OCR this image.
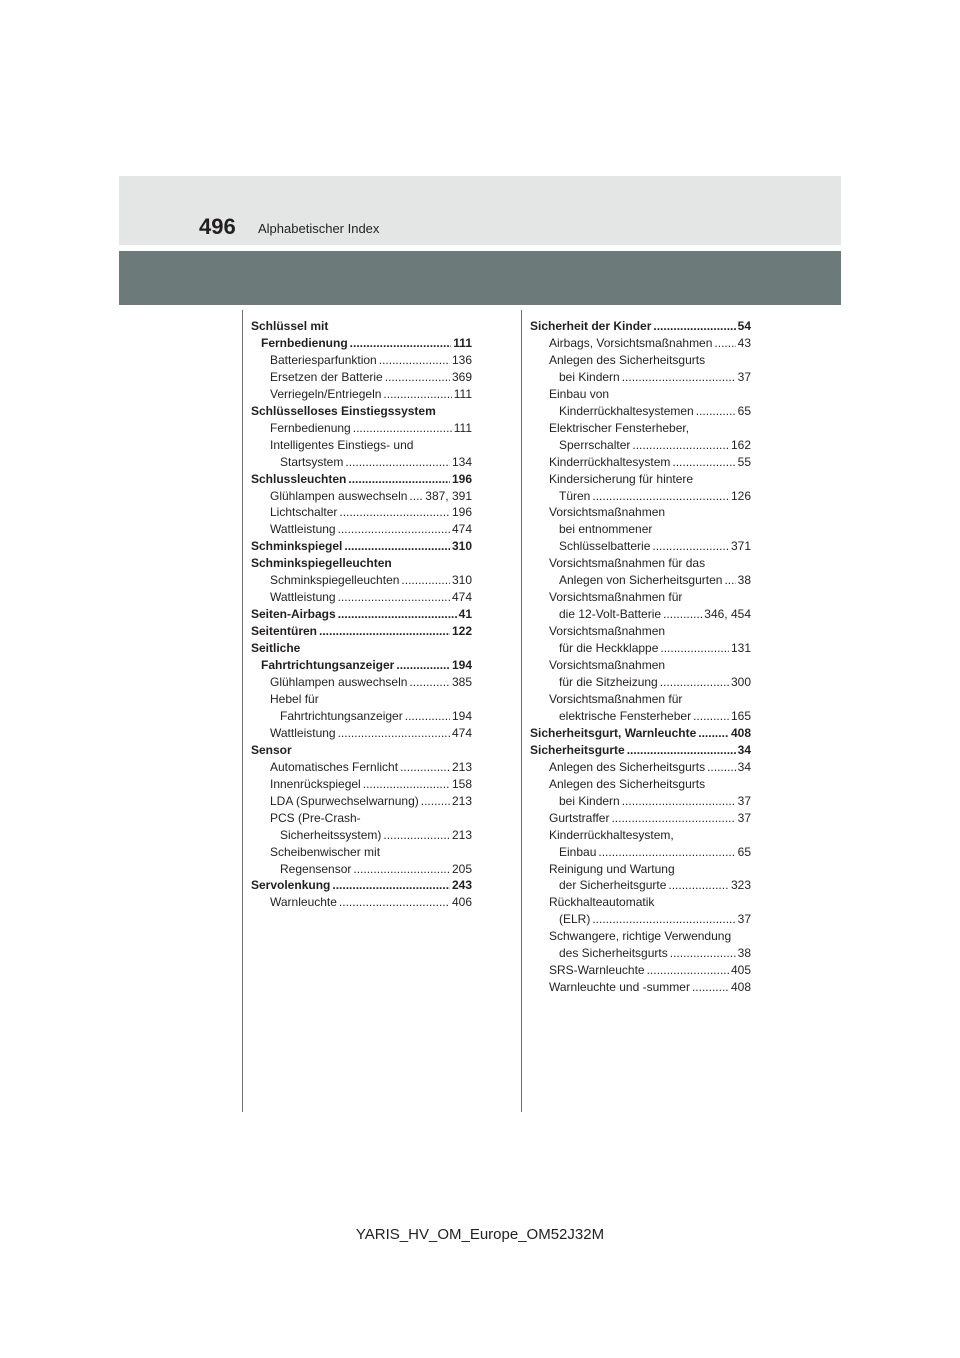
496 Alphabetischer Index
Schlüssel mit
Fernbedienung .....	111
Batteriesparfunktion .....	136
Ersetzen der Batterie .....	369
Verriegeln/Entriegeln .....	111
Schlüsselloses Einstiegssystem
Fernbedienung .....	111
Intelligentes Einstiegs- und
Startsystem .....	134
Schlussleuchten .....	196
Glühlampen auswechseln ..... 387, 391
Lichtschalter .....	196
Wattleistung .....	474
Schminkspiegel .....	310
Schminkspiegelleuchten
Schminkspiegelleuchten .....	310
Wattleistung .....	474
Seiten-Airbags .....	41
Seitentüren .....	122
Seitliche
Fahrtrichtungsanzeiger .....	194
Glühlampen auswechseln .....	385
Hebel für
Fahrtrichtungsanzeiger .....	194
Wattleistung .....	474
Sensor
Automatisches Fernlicht .....	213
Innenrückspiegel .....	158
LDA (Spurwechselwarnung) .....	213
PCS (Pre-Crash-
Sicherheitssystem) .....	213
Scheibenwischer mit
Regensensor .....	205
Servolenkung .....	243
Warnleuchte .....	406
Sicherheit der Kinder .....	54
Airbags, Vorsichtsmaßnahmen ..... 43
Anlegen des Sicherheitsgurts
bei Kindern .....	37
Einbau von
Kinderrückhaltesystemen .....	65
Elektrischer Fensterheber,
Sperrschalter .....	162
Kinderrückhaltesystem .....	55
Kindersicherung für hintere
Türen .....	126
Vorsichtsmaßnahmen
bei entnommener
Schlüsselbatterie .....	371
Vorsichtsmaßnahmen für das
Anlegen von Sicherheitsgurten ..... 38
Vorsichtsmaßnahmen für
die 12-Volt-Batterie .....	346, 454
Vorsichtsmaßnahmen
für die Heckklappe .....	131
Vorsichtsmaßnahmen
für die Sitzheizung .....	300
Vorsichtsmaßnahmen für
elektrische Fensterheber .....	165
Sicherheitsgurt, Warnleuchte .....	408
Sicherheitsgurte .....	34
Anlegen des Sicherheitsgurts .....	34
Anlegen des Sicherheitsgurts
bei Kindern .....	37
Gurtstraffer .....	37
Kinderrückhaltesystem,
Einbau .....	65
Reinigung und Wartung
der Sicherheitsgurte .....	323
Rückhalteautomatik
(ELR) .....	37
Schwangere, richtige Verwendung
des Sicherheitsgurts .....	38
SRS-Warnleuchte .....	405
Warnleuchte und -summer .....	408
YARIS_HV_OM_Europe_OM52J32M
